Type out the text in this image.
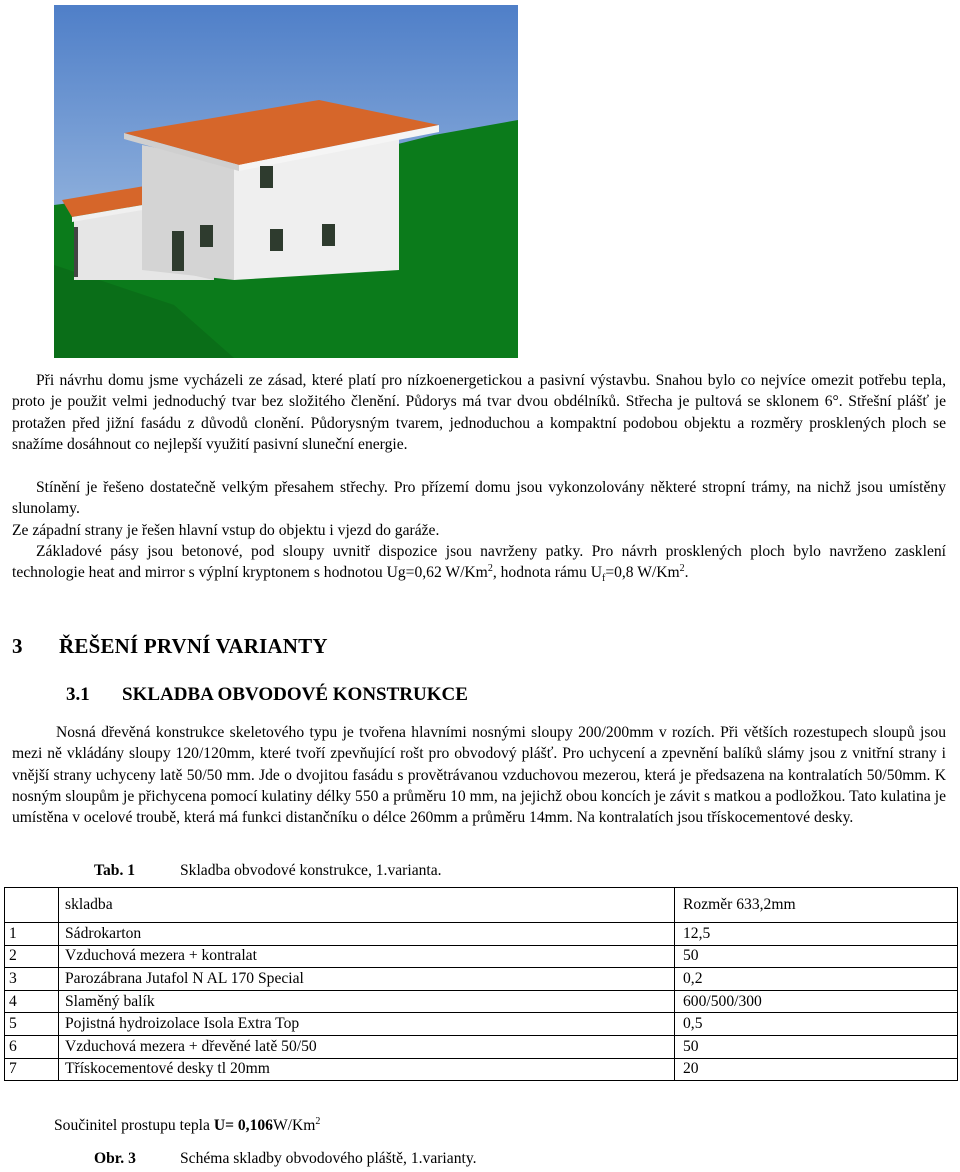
Při návrhu domu jsme vycházeli ze zásad, které platí pro nízkoenergetickou a pasivní výstavbu. Snahou bylo co nejvíce omezit potřebu tepla, proto je použit velmi jednoduchý tvar bez složitého členění. Půdorys má tvar dvou obdélníků. Střecha je pultová se sklonem 6°. Střešní plášť je protažen před jižní fasádu z důvodů clonění. Půdorysným tvarem, jednoduchou a kompaktní podobou objektu a rozměry prosklených ploch se snažíme dosáhnout co nejlepší využití pasivní sluneční energie.

Stínění je řešeno dostatečně velkým přesahem střechy. Pro přízemí domu jsou vykonzolovány některé stropní trámy, na nichž jsou umístěny slunolamy.

Ze západní strany je řešen hlavní vstup do objektu i vjezd do garáže.

Základové pásy jsou betonové, pod sloupy uvnitř dispozice jsou navrženy patky. Pro návrh prosklených ploch bylo navrženo zasklení technologie heat and mirror s výplní kryptonem s hodnotou Ug=0,62 W/Km$^2$, hodnota rámu $U_f=0,8$ W/Km$^2$.

3 ŘEŠENÍ PRVNÍ VARIANTY
3.1 SKLADBA OBVODOVÉ KONSTRUKCE

Nosná dřevěná konstrukce skeletového typu je tvořena hlavními nosnými sloupy 200/200mm v rozích. Při větších rozestupech sloupů jsou mezi ně vkládány sloupy 120/120mm, které tvoří zpevňující rošt pro obvodový plášť. Pro uchycení a zpevnění balíků slámy jsou z vnitřní strany i vnější strany uchyceny latě 50/50 mm. Jde o dvojitou fasádu s provětrávanou vzduchovou mezerou, která je předsazena na kontralatích 50/50mm. K nosným sloupům je přichycena pomocí kulatiny délky 550 a průměru 10 mm, na jejichž obou koncích je závit s matkou a podložkou. Tato kulatina je umístěna v ocelové troubě, která má funkci distančníku o délce 260mm a průměru 14mm. Na kontralatích jsou třískocementové desky.

Tab. 1	Skladba obvodové konstrukce, 1.varianta.
	skladba	Rozměr 633,2mm
1	Sádrokarton	12,5
2	Vzduchová mezera + kontralat	50
3	Parozábrana Jutafol N AL 170 Special	0,2
4	Slaměný balík	600/500/300
5	Pojistná hydroizolace Isola Extra Top	0,5
6	Vzduchová mezera + dřevěné latě 50/50	50
7	Třískocementové desky tl 20mm	20
Součinitel prostupu tepla $U= 0,106W/Km^2$
Obr. 3	Schéma skladby obvodového pláště, 1.varianty.
